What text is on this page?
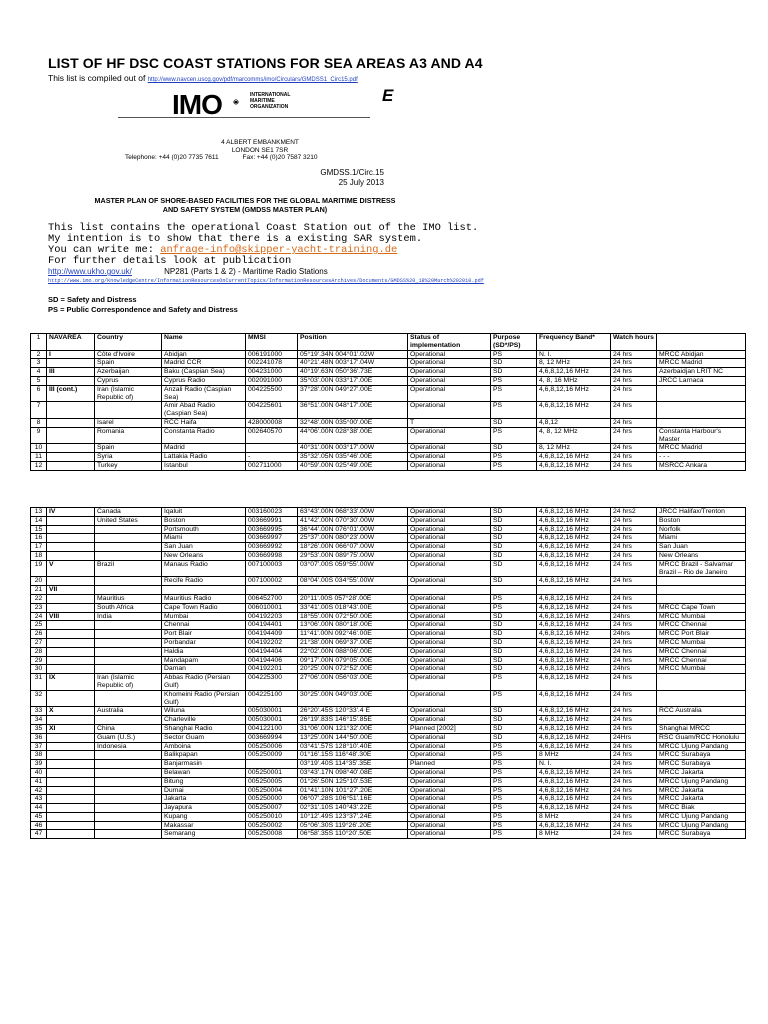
LIST OF HF DSC COAST STATIONS FOR SEA AREAS A3 AND A4
This list is compiled out of http://www.navcen.uscg.gov/pdf/marcomms/imo/Circulars/GMDSS1_Circ15.pdf
IMO	INTERNATIONAL
MARITIME
ORGANIZATION
E
4 ALBERT EMBANKMENT
LONDON SE1 7SR
Telephone: +44 (0)20 7735 7611	Fax: +44 (0)20 7587 3210
GMDSS.1/Circ.15
25 July 2013
MASTER PLAN OF SHORE-BASED FACILITIES FOR THE GLOBAL MARITIME DISTRESS AND SAFETY SYSTEM (GMDSS MASTER PLAN)
This list contains the operational Coast Station out of the IMO list.
My intention is to show that there is a existing SAR system.
You can write me: anfrage-info@skipper-yacht-training.de
For further details look at publication
http://www.ukho.gov.uk/	NP281 (Parts 1 & 2) - Maritime Radio Stations
http://www.imo.org/KnowledgeCentre/InformationResourcesOnCurrentTopics/InformationResourcesArchives/Documents/GMDSS%20_18%20March%202010.pdf
SD = Safety and Distress
PS = Public Correspondence and Safety and Distress
1	NAVAREA	Country	Name	MMSI	Position	Status of implementation	Purpose (SD*/PS)	Frequency Band*	Watch hours	
2	I	Côte d'Ivoire	Abidjan	006191000	05°19'.34N 004°01'.02W	Operational	PS	N. I.	24 hrs	MRCC Abidjan
3		Spain	Madrid CCR	002241078	40°21'.48N 003°17'.04W	Operational	SD	8, 12 MHz	24 hrs	MRCC Madrid
4	III	Azerbaijan	Baku (Caspian Sea)	004231000	40°19'.63N 050°36'.73E	Operational	SD	4,6,8,12,16 MHz	24 hrs	Azerbaidjan LRIT NC
5		Cyprus	Cyprus Radio	002091000	35°03'.00N 033°17'.00E	Operational	PS	4, 8, 16 MHz	24 hrs	JRCC Larnaca
6	III (cont.)	Iran (Islamic Republic of)	Anzali Radio (Caspian Sea)	004225500	37°28'.00N 049°27'.00E	Operational	PS	4,6,8,12,16 MHz	24 hrs	
7			Amir Abad Radio (Caspian Sea)	004225601	36°51'.00N 048°17'.00E	Operational	PS	4,6,8,12,16 MHz	24 hrs	
8		Isarel	RCC Haifa	428000008	32°48'.00N 035°00'.00E	T	SD	4,8,12	24 hrs	
9		Romania	Constanta Radio	002640570	44°06'.00N 028°38'.00E	Operational	PS	4, 8, 12 MHz	24 hrs	Constanta Harbour's Master
10		Spain	Madrid		40°31'.00N 003°17'.00W	Operational	SD	8, 12 MHz	24 hrs	MRCC Madrid
11		Syria	Lattakia Radio	-	35°32'.05N 035°46'.00E	Operational	PS	4,6,8,12,16 MHz	24 hrs	- - -
12		Turkey	Istanbul	002711000	40°59'.00N 025°49'.00E	Operational	PS	4,6,8,12,16 MHz	24 hrs	MSRCC Ankara
13	IV	Canada	Iqaluit	003160023	63°43'.00N 068°33'.00W	Operational	SD	4,6,8,12,16 MHz	24 hrs2	JRCC Halifax/Trenton
14		United States	Boston	003669991	41°42'.00N 070°30'.00W	Operational	SD	4,6,8,12,16 MHz	24 hrs	Boston
15			Portsmouth	003669995	36°44'.00N 076°01'.00W	Operational	SD	4,6,8,12,16 MHz	24 hrs	Norfolk
16			Miami	003669997	25°37'.00N 080°23'.00W	Operational	SD	4,6,8,12,16 MHz	24 hrs	Miami
17			San Juan	003669992	18°26'.00N 066°07'.00W	Operational	SD	4,6,8,12,16 MHz	24 hrs	San Juan
18			New Orleans	003669998	29°53'.00N 089°75'.00W	Operational	SD	4,6,8,12,16 MHz	24 hrs	New Orleans
19	V	Brazil	Manaus Radio	007100003	03°07'.00S 059°55'.00W	Operational	SD	4,6,8,12,16 MHz	24 hrs	MRCC Brazil - Salvamar Brazil – Rio de Janeiro
20			Recife Radio	007100002	08°04'.00S 034°55'.00W	Operational	SD	4,6,8,12,16 MHz	24 hrs	
21	VII									
22		Mauritius	Mauritius Radio	006452700	20°11'.00S 057°28'.00E	Operational	PS	4,6,8,12,16 MHz	24 hrs	
23		South Africa	Cape Town Radio	006010001	33°41'.00S 018°43'.00E	Operational	PS	4,6,8,12,16 MHz	24 hrs	MRCC Cape Town
24	VIII	India	Mumbai	004192203	18°55'.00N 072°50'.00E	Operational	SD	4,6,8,12,16 MHz	24hrs	MRCC Mumbai
25			Chennai	004194401	13°06'.00N 080°18'.00E	Operational	SD	4,6,8,12,16 MHz	24 hrs	MRCC Chennai
26			Port Blair	004194409	11°41'.00N 092°46'.00E	Operational	SD	4,6,8,12,16 MHz	24hrs	MRCC Port Blair
27			Porbandar	004192202	21°38'.00N 069°37'.00E	Operational	SD	4,6,8,12,16 MHz	24 hrs	MRCC Mumbai
28			Haldia	004194404	22°02'.00N 088°06'.00E	Operational	SD	4,6,8,12,16 MHz	24 hrs	MRCC Chennai
29			Mandapam	004194406	09°17'.00N 079°05'.00E	Operational	SD	4,6,8,12,16 MHz	24 hrs	MRCC Chennai
30			Daman	004192201	20°25'.00N 072°52'.00E	Operational	SD	4,6,8,12,16 MHz	24hrs	MRCC Mumbai
31	IX	Iran (Islamic Republic of)	Abbas Radio (Persian Gulf)	004225300	27°06'.00N 056°03'.00E	Operational	PS	4,6,8,12,16 MHz	24 hrs	
32			Khomeini Radio (Persian Gulf)	004225100	30°25'.00N 049°03'.00E	Operational	PS	4,6,8,12,16 MHz	24 hrs	
33	X	Australia	Wiluna	005030001	26°20'.45S 120°33'.4 E	Operational	SD	4,6,8,12,16 MHz	24 hrs	RCC Australia
34			Charleville	005030001	26°19'.83S 146°15'.85E	Operational	SD	4,6,8,12,16 MHz	24 hrs	
35	XI	China	Shanghai Radio	004122100	31°06'.00N 121°32'.00E	Planned [2002]	SD	4,6,8,12,16 MHz	24 hrs	Shanghai MRCC
36		Guam (U.S.)	Sector Guam	003669994	13°25'.00N 144°50'.00E	Operational	SD	4,6,8,12,16 MHz	24Hrs	RSC Guam/RCC Honolulu
37		Indonesia	Amboina	005250006	03°41'.57S 128°10'.40E	Operational	PS	4,6,8,12,16 MHz	24 hrs	MRCC Ujung Pandang
38			Balikpapan	005250009	01°16'.15S 116°48'.30E	Operational	PS	8 MHz	24 hrs	MRCC Surabaya
39			Banjarmasin		03°19'.40S 114°35'.35E	Planned	PS	N. I.	24 hrs	MRCC Surabaya
40			Belawan	005250001	03°43'.17N 098°40'.08E	Operational	PS	4,6,8,12,16 MHz	24 hrs	MRCC Jakarta
41			Bitung	005250005	01°26'.50N 125°10'.53E	Operational	PS	4,6,8,12,16 MHz	24 hrs	MRCC Ujung Pandang
42			Dumai	005250004	01°41'.10N 101°27'.20E	Operational	PS	4,6,8,12,16 MHz	24 hrs	MRCC Jakarta
43			Jakarta	005250000	06°07'.28S 106°51'.16E	Operational	PS	4,6,8,12,16 MHz	24 hrs	MRCC Jakarta
44			Jayapura	005250007	02°31'.10S 140°43'.22E	Operational	PS	4,6,8,12,16 MHz	24 hrs	MRCC Biak
45			Kupang	005250010	10°12'.49S 123°37'.24E	Operational	PS	8 MHz	24 hrs	MRCC Ujung Pandang
46			Makassar	005250002	05°06'.30S 119°26'.20E	Operational	PS	4,6,8,12,16 MHz	24 hrs	MRCC Ujung Pandang
47			Semarang	005250008	06°58'.35S 110°20'.50E	Operational	PS	8 MHz	24 hrs	MRCC Surabaya
